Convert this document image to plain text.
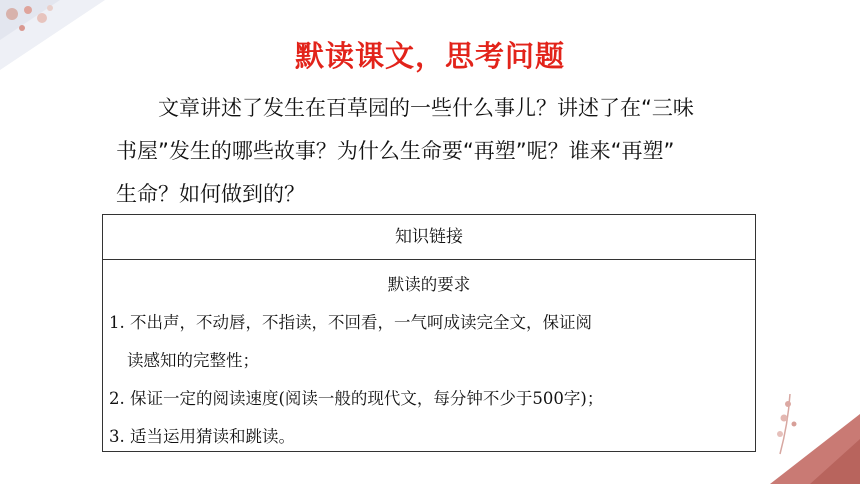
默读课文，思考问题
文章讲述了发生在百草园的一些什么事儿？讲述了在“三味
书屋”发生的哪些故事？为什么生命要“再塑”呢？谁来“再塑”
生命？如何做到的？
知识链接
默读的要求
1. 不出声，不动唇，不指读，不回看，一气呵成读完全文，保证阅
读感知的完整性；
2. 保证一定的阅读速度(阅读一般的现代文，每分钟不少于500字)；
3. 适当运用猜读和跳读。
